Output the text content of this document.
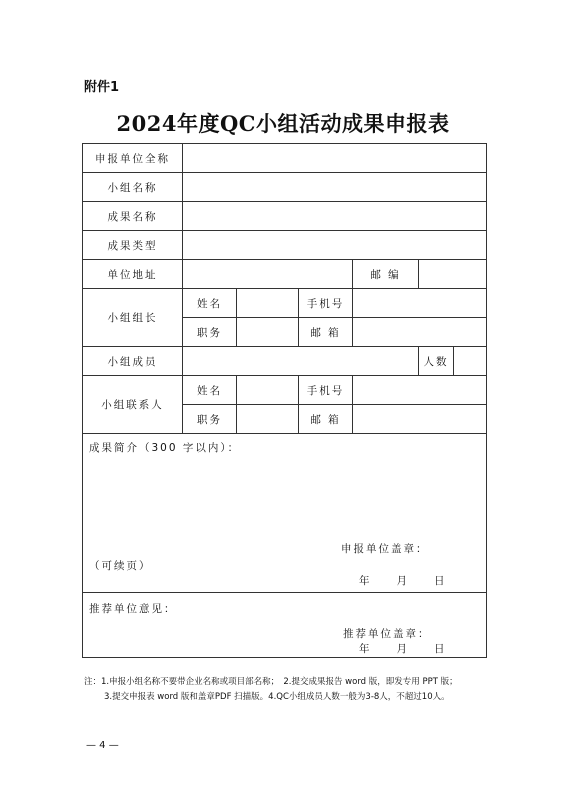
附件1
2024年度QC小组活动成果申报表
申报单位全称						
小组名称						
成果名称						
成果类型						
单位地址				邮 编		
小组组长	姓名		手机号			
	职务		邮 箱			
小组成员					人数	
小组联系人	姓名		手机号			
	职务		邮 箱			

成果简介（300 字以内）：
申报单位盖章：
（可续页）
年　　月　　日						

推荐单位意见：
推荐单位盖章：
年　　月　　日						
注：1.申报小组名称不要带企业名称或项目部名称；　2.提交成果报告 word 版，即发专用 PPT 版；
3.提交申报表 word 版和盖章PDF 扫描版。4.QC小组成员人数一般为3-8人，不超过10人。
— 4 —
